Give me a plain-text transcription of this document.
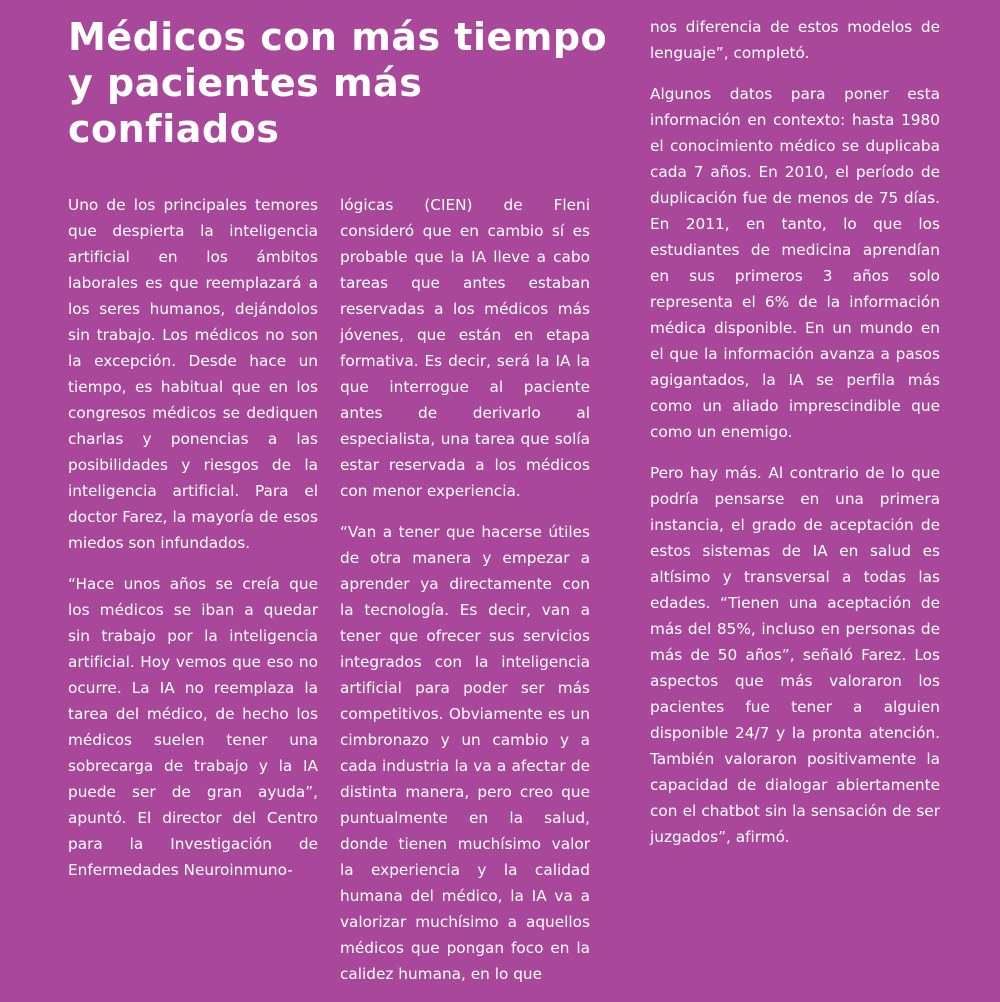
Médicos con más tiempo y pacientes más confiados

Uno de los principales temores que despierta la inteligencia artificial en los ámbitos laborales es que reemplazará a los seres humanos, dejándolos sin trabajo. Los médicos no son la excepción. Desde hace un tiempo, es habitual que en los congresos médicos se dediquen charlas y ponencias a las posibilidades y riesgos de la inteligencia artificial. Para el doctor Farez, la mayoría de esos miedos son infundados.

“Hace unos años se creía que los médicos se iban a quedar sin trabajo por la inteligencia artificial. Hoy vemos que eso no ocurre. La IA no reemplaza la tarea del médico, de hecho los médicos suelen tener una sobrecarga de trabajo y la IA puede ser de gran ayuda”, apuntó. El director del Centro para la Investigación de Enfermedades Neuroinmuno-

lógicas (CIEN) de Fleni consideró que en cambio sí es probable que la IA lleve a cabo tareas que antes estaban reservadas a los médicos más jóvenes, que están en etapa formativa. Es decir, será la IA la que interrogue al paciente antes de derivarlo al especialista, una tarea que solía estar reservada a los médicos con menor experiencia.

“Van a tener que hacerse útiles de otra manera y empezar a aprender ya directamente con la tecnología. Es decir, van a tener que ofrecer sus servicios integrados con la inteligencia artificial para poder ser más competitivos. Obviamente es un cimbronazo y un cambio y a cada industria la va a afectar de distinta manera, pero creo que puntualmente en la salud, donde tienen muchísimo valor la experiencia y la calidad humana del médico, la IA va a valorizar muchísimo a aquellos médicos que pongan foco en la calidez humana, en lo que

nos diferencia de estos modelos de lenguaje”, completó.

Algunos datos para poner esta información en contexto: hasta 1980 el conocimiento médico se duplicaba cada 7 años. En 2010, el período de duplicación fue de menos de 75 días. En 2011, en tanto, lo que los estudiantes de medicina aprendían en sus primeros 3 años solo representa el 6% de la información médica disponible. En un mundo en el que la información avanza a pasos agigantados, la IA se perfila más como un aliado imprescindible que como un enemigo.

Pero hay más. Al contrario de lo que podría pensarse en una primera instancia, el grado de aceptación de estos sistemas de IA en salud es altísimo y transversal a todas las edades. “Tienen una aceptación de más del 85%, incluso en personas de más de 50 años”, señaló Farez. Los aspectos que más valoraron los pacientes fue tener a alguien disponible 24/7 y la pronta atención. También valoraron positivamente la capacidad de dialogar abiertamente con el chatbot sin la sensación de ser juzgados”, afirmó.
